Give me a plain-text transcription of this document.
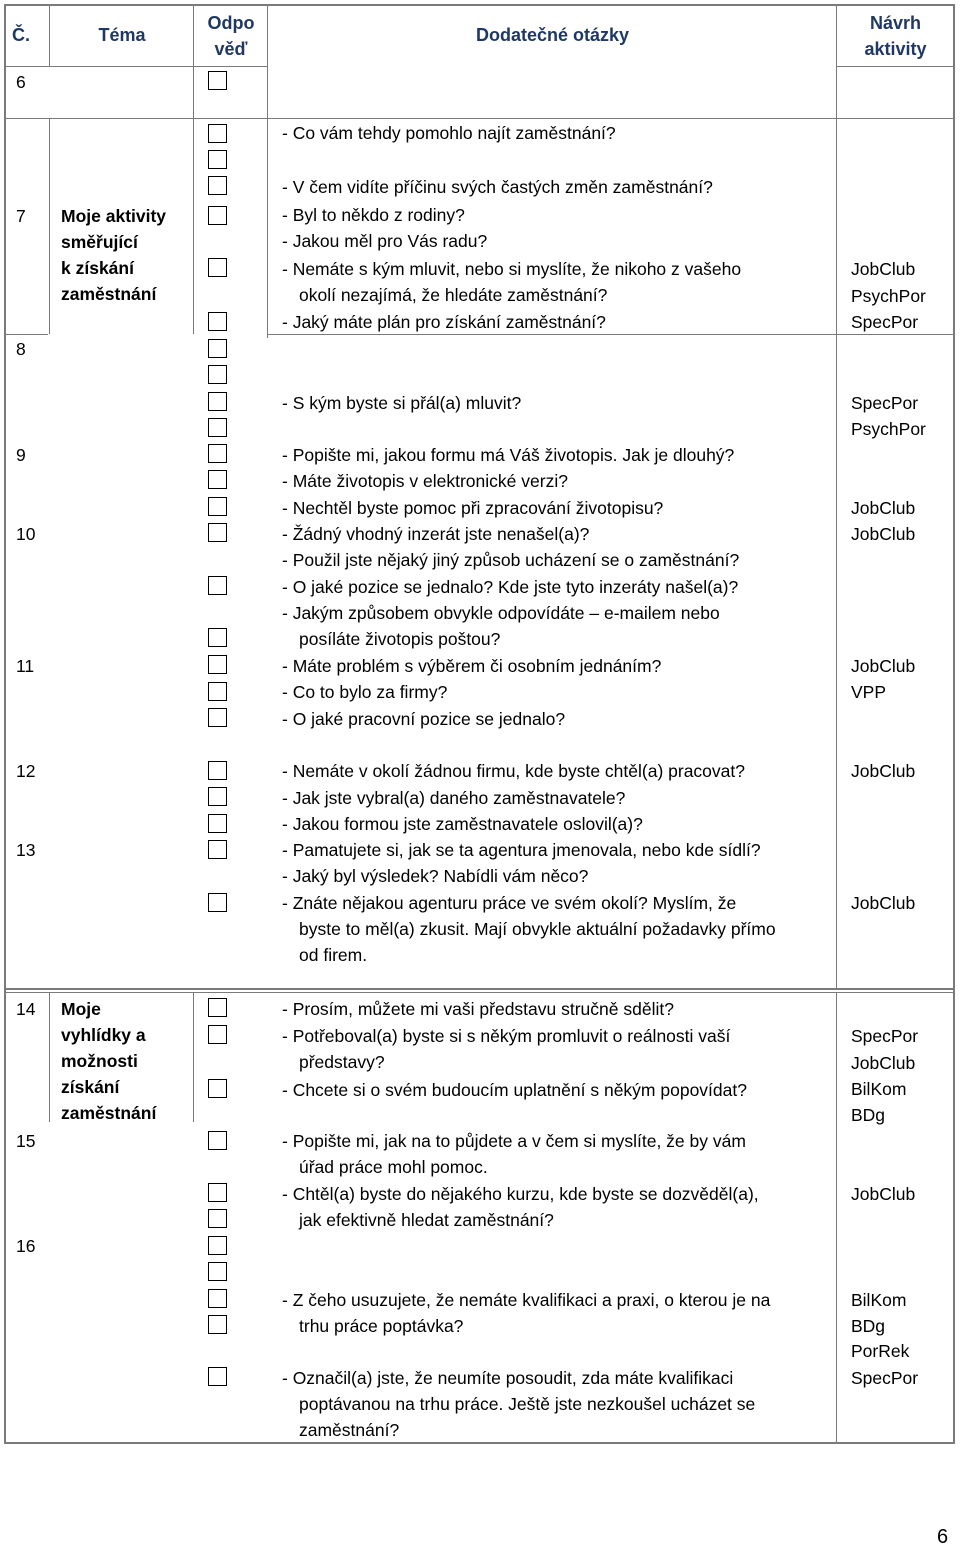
Č.	Téma
Odpo
věď
Dodatečné otázky
Návrh
aktivity
6
7
8
9
10
11
12
13
14
15
16
Moje aktivity
směřující
k získání
zaměstnání
Moje
vyhlídky a
možnosti
získání
zaměstnání
- Co vám tehdy pomohlo najít zaměstnání?
- V čem vidíte příčinu svých častých změn zaměstnání?
- Byl to někdo z rodiny?
- Jakou měl pro Vás radu?
- Nemáte s kým mluvit, nebo si myslíte, že nikoho z vašeho
okolí nezajímá, že hledáte zaměstnání?
- Jaký máte plán pro získání zaměstnání?
- S kým byste si přál(a) mluvit?
- Popište mi, jakou formu má Váš životopis. Jak je dlouhý?
- Máte životopis v elektronické verzi?
- Nechtěl byste pomoc při zpracování životopisu?
- Žádný vhodný inzerát jste nenašel(a)?
- Použil jste nějaký jiný způsob ucházení se o zaměstnání?
- O jaké pozice se jednalo? Kde jste tyto inzeráty našel(a)?
- Jakým způsobem obvykle odpovídáte – e-mailem nebo
posíláte životopis poštou?
- Máte problém s výběrem či osobním jednáním?
- Co to bylo za firmy?
- O jaké pracovní pozice se jednalo?
- Nemáte v okolí žádnou firmu, kde byste chtěl(a) pracovat?
- Jak jste vybral(a) daného zaměstnavatele?
- Jakou formou jste zaměstnavatele oslovil(a)?
- Pamatujete si, jak se ta agentura jmenovala, nebo kde sídlí?
- Jaký byl výsledek? Nabídli vám něco?
- Znáte nějakou agenturu práce ve svém okolí? Myslím, že
byste to měl(a) zkusit. Mají obvykle aktuální požadavky přímo
od firem.
- Prosím, můžete mi vaši představu stručně sdělit?
- Potřeboval(a) byste si s někým promluvit o reálnosti vaší
představy?
- Chcete si o svém budoucím uplatnění s někým popovídat?
- Popište mi, jak na to půjdete a v čem si myslíte, že by vám
úřad práce mohl pomoc.
- Chtěl(a) byste do nějakého kurzu, kde byste se dozvěděl(a),
jak efektivně hledat zaměstnání?
- Z čeho usuzujete, že nemáte kvalifikaci a praxi, o kterou je na
trhu práce poptávka?
- Označil(a) jste, že neumíte posoudit, zda máte kvalifikaci
poptávanou na trhu práce. Ještě jste nezkoušel ucházet se
zaměstnání?
JobClub
PsychPor
SpecPor
SpecPor
PsychPor
JobClub
JobClub
JobClub
VPP
JobClub
JobClub
SpecPor
JobClub
BilKom
BDg
JobClub
BilKom
BDg
PorRek
SpecPor
6
